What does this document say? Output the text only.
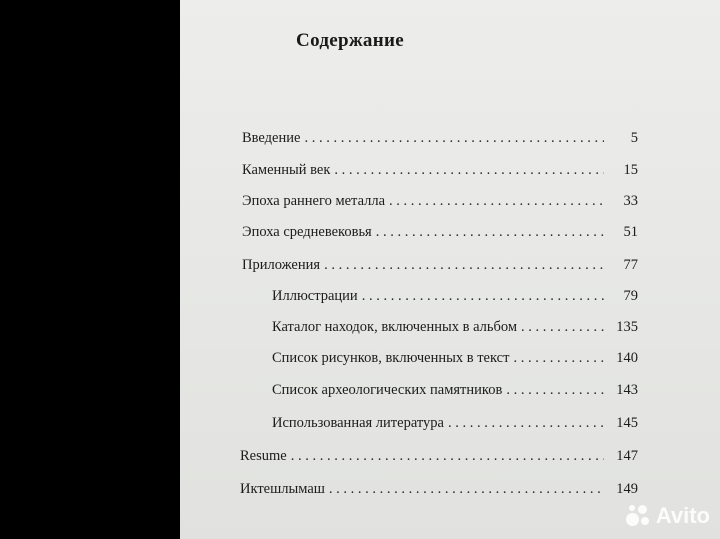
Содержание
Введение . . .	5
Каменный век . . .	15
Эпоха раннего металла . . .	33
Эпоха средневековья . . .	51
Приложения . . .	77
Иллюстрации . . .	79
Каталог находок, включенных в альбом . . .	135
Список рисунков, включенных в текст . . .	140
Список археологических памятников . . .	143
Использованная литература . . .	145
Resume . . .	147
Иктешлымаш . . .	149
Avito
